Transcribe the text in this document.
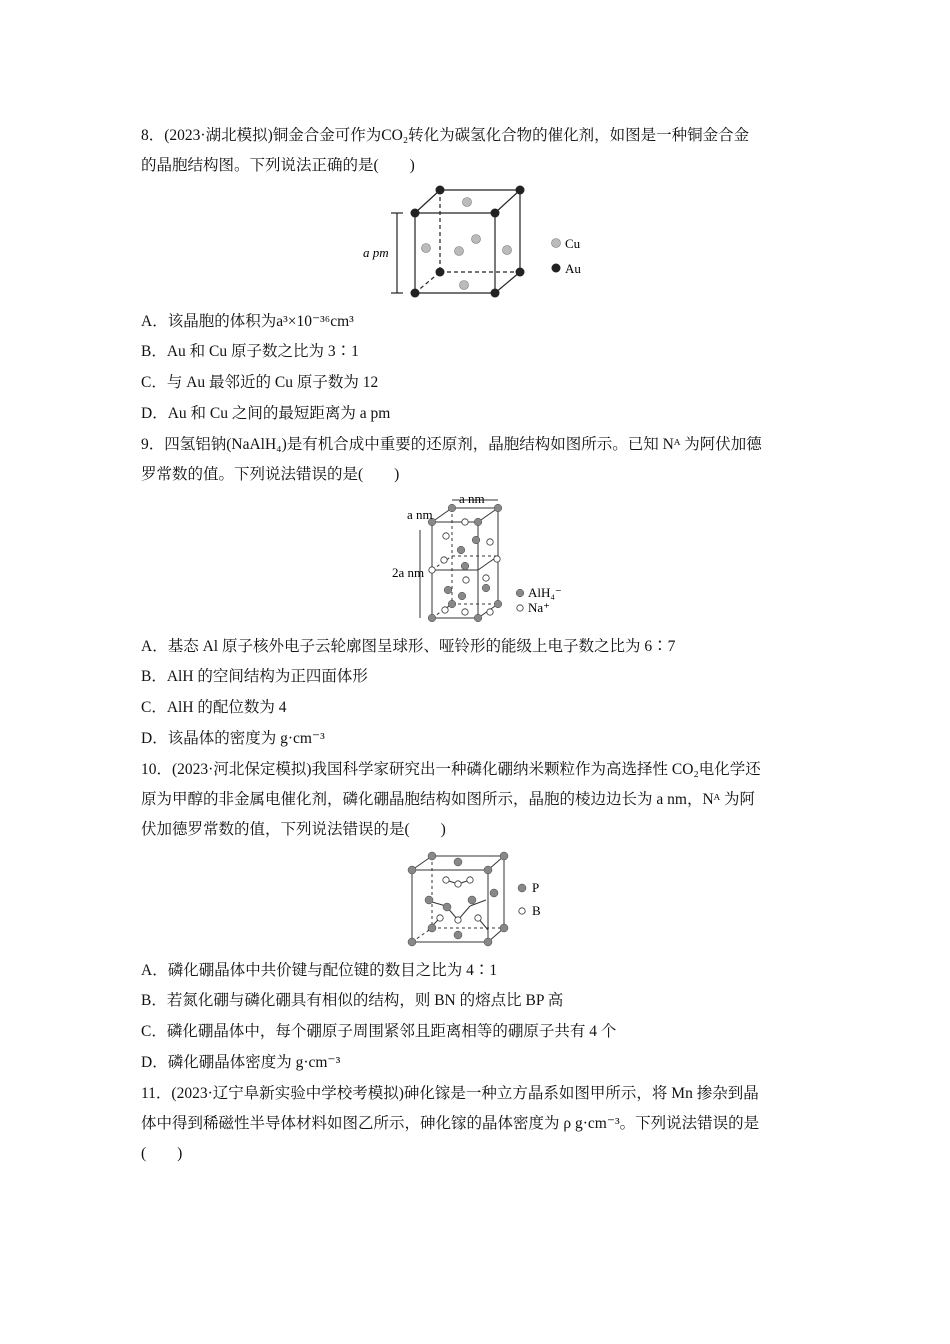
8．(2023·湖北模拟)铜金合金可作为CO₂转化为碳氢化合物的催化剂，如图是一种铜金合金
的晶胞结构图。下列说法正确的是(　　)
Cu
Au
a pm
A．该晶胞的体积为a³×10⁻³⁶cm³
B．Au 和 Cu 原子数之比为 3∶1
C．与 Au 最邻近的 Cu 原子数为 12
D．Au 和 Cu 之间的最短距离为 a pm
9．四氢铝钠(NaAlH₄)是有机合成中重要的还原剂，晶胞结构如图所示。已知 Nᴬ 为阿伏加德
罗常数的值。下列说法错误的是(　　)
AlH₄⁻
Na⁺
a nm
a nm
2a nm
A．基态 Al 原子核外电子云轮廓图呈球形、哑铃形的能级上电子数之比为 6∶7
B．AlH 的空间结构为正四面体形
C．AlH 的配位数为 4
D．该晶体的密度为 g·cm⁻³
10．(2023·河北保定模拟)我国科学家研究出一种磷化硼纳米颗粒作为高选择性 CO₂电化学还
原为甲醇的非金属电催化剂，磷化硼晶胞结构如图所示，晶胞的棱边边长为 a nm，Nᴬ 为阿
伏加德罗常数的值，下列说法错误的是(　　)
P
B
A．磷化硼晶体中共价键与配位键的数目之比为 4∶1
B．若氮化硼与磷化硼具有相似的结构，则 BN 的熔点比 BP 高
C．磷化硼晶体中，每个硼原子周围紧邻且距离相等的硼原子共有 4 个
D．磷化硼晶体密度为 g·cm⁻³
11．(2023·辽宁阜新实验中学校考模拟)砷化镓是一种立方晶系如图甲所示，将 Mn 掺杂到晶
体中得到稀磁性半导体材料如图乙所示，砷化镓的晶体密度为 ρ g·cm⁻³。下列说法错误的是
(　　)
